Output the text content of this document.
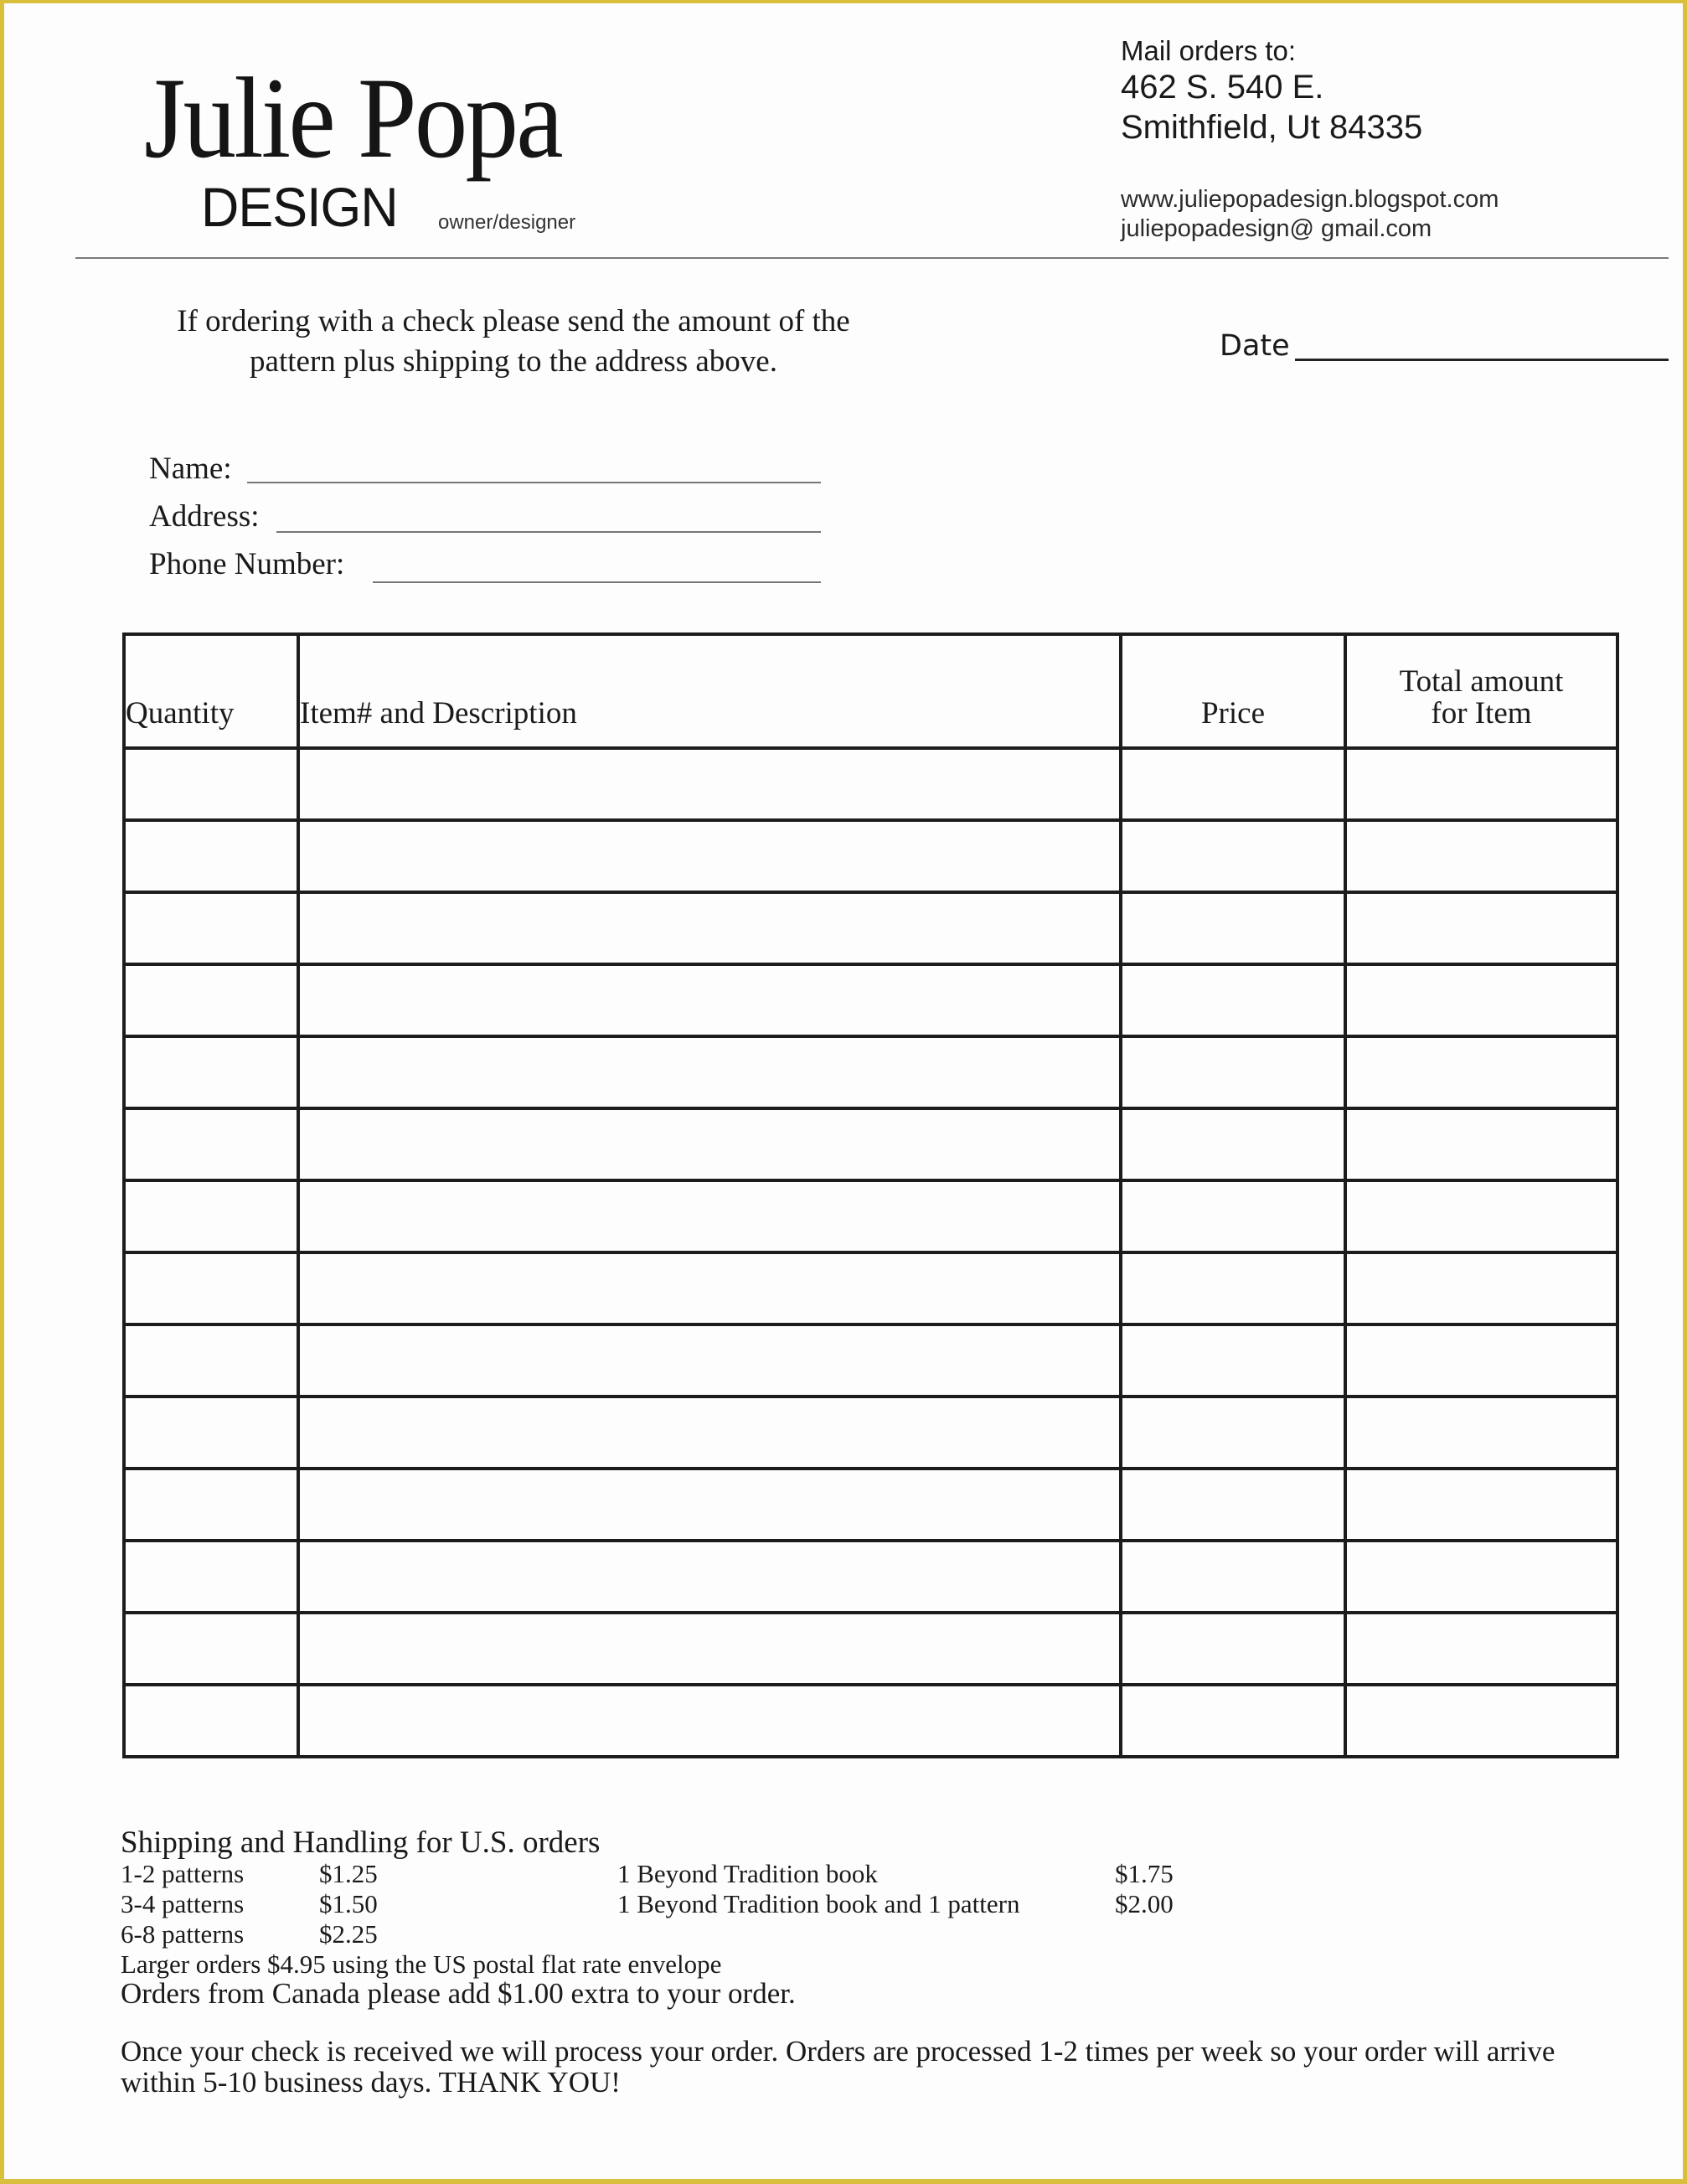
Julie Popa
DESIGN owner/designer
Mail orders to:
462 S. 540 E.
Smithfield, Ut 84335
www.juliepopadesign.blogspot.com
juliepopadesign@ gmail.com
If ordering with a check please send the amount of the pattern plus shipping to the address above.	Date
Name:
Address:
Phone Number:
Quantity	Item# and Description	Price	Total amount
for Item

Shipping and Handling for U.S. orders
1-2 patterns	$1.25
3-4 patterns	$1.50
6-8 patterns	$2.25
1 Beyond Tradition book	$1.75
1 Beyond Tradition book and 1 pattern	$2.00
Larger orders $4.95 using the US postal flat rate envelope
Orders from Canada please add $1.00 extra to your order.
Once your check is received we will process your order. Orders are processed 1-2 times per week so your order will arrive within 5-10 business days. THANK YOU!
